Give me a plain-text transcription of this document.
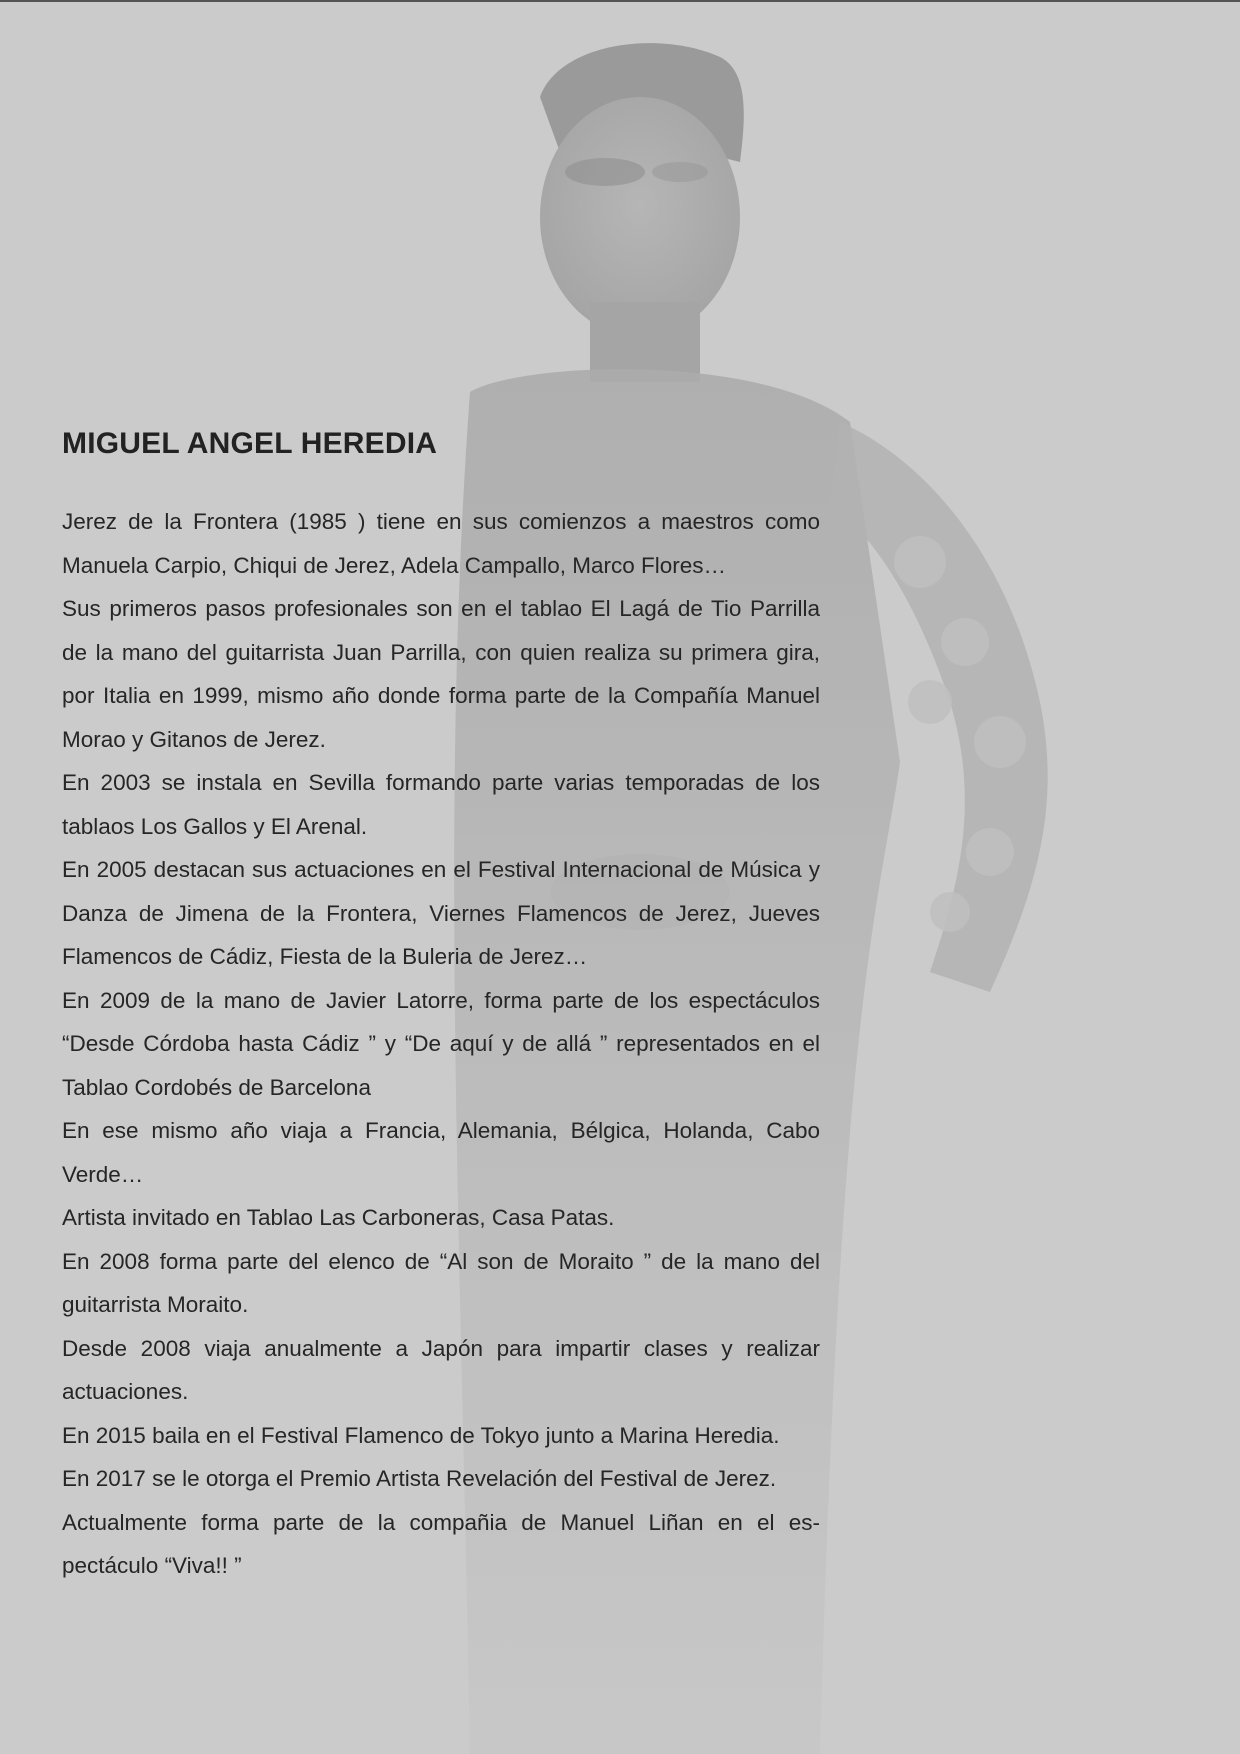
MIGUEL ANGEL HEREDIA

Jerez de la Frontera (1985 ) tiene en sus comienzos a maestros como Manuela Carpio, Chiqui de Jerez, Adela Campallo, Marco Flores…

Sus primeros pasos profesionales son en el tablao El Lagá de Tio Parrilla de la mano del guitarrista Juan Parrilla, con quien realiza su primera gira, por Italia en 1999, mismo año donde forma parte de la Compañía Manuel Morao y Gitanos de Jerez.

En 2003 se instala en Sevilla formando parte varias temporadas de los tablaos Los Gallos y El Arenal.

En 2005 destacan sus actuaciones en el Festival Internacional de Música y Danza de Jimena de la Frontera, Viernes Flamencos de Jerez, Jueves Flamencos de Cádiz, Fiesta de la Buleria de Jerez…

En 2009 de la mano de Javier Latorre, forma parte de los espectáculos “Desde Córdoba hasta Cádiz ” y “De aquí y de allá ” representados en el Tablao Cordobés de Barcelona

En ese mismo año viaja a Francia, Alemania, Bélgica, Holanda, Cabo Verde…

Artista invitado en Tablao Las Carboneras, Casa Patas.

En 2008 forma parte del elenco de “Al son de Moraito ” de la mano del guitarrista Moraito.

Desde 2008 viaja anualmente a Japón para impartir clases y realizar actuaciones.

En 2015 baila en el Festival Flamenco de Tokyo junto a Marina Heredia.

En 2017 se le otorga el Premio Artista Revelación del Festival de Jerez.

Actualmente forma parte de la compañia de Manuel Liñan en el espectáculo “Viva!! ”
